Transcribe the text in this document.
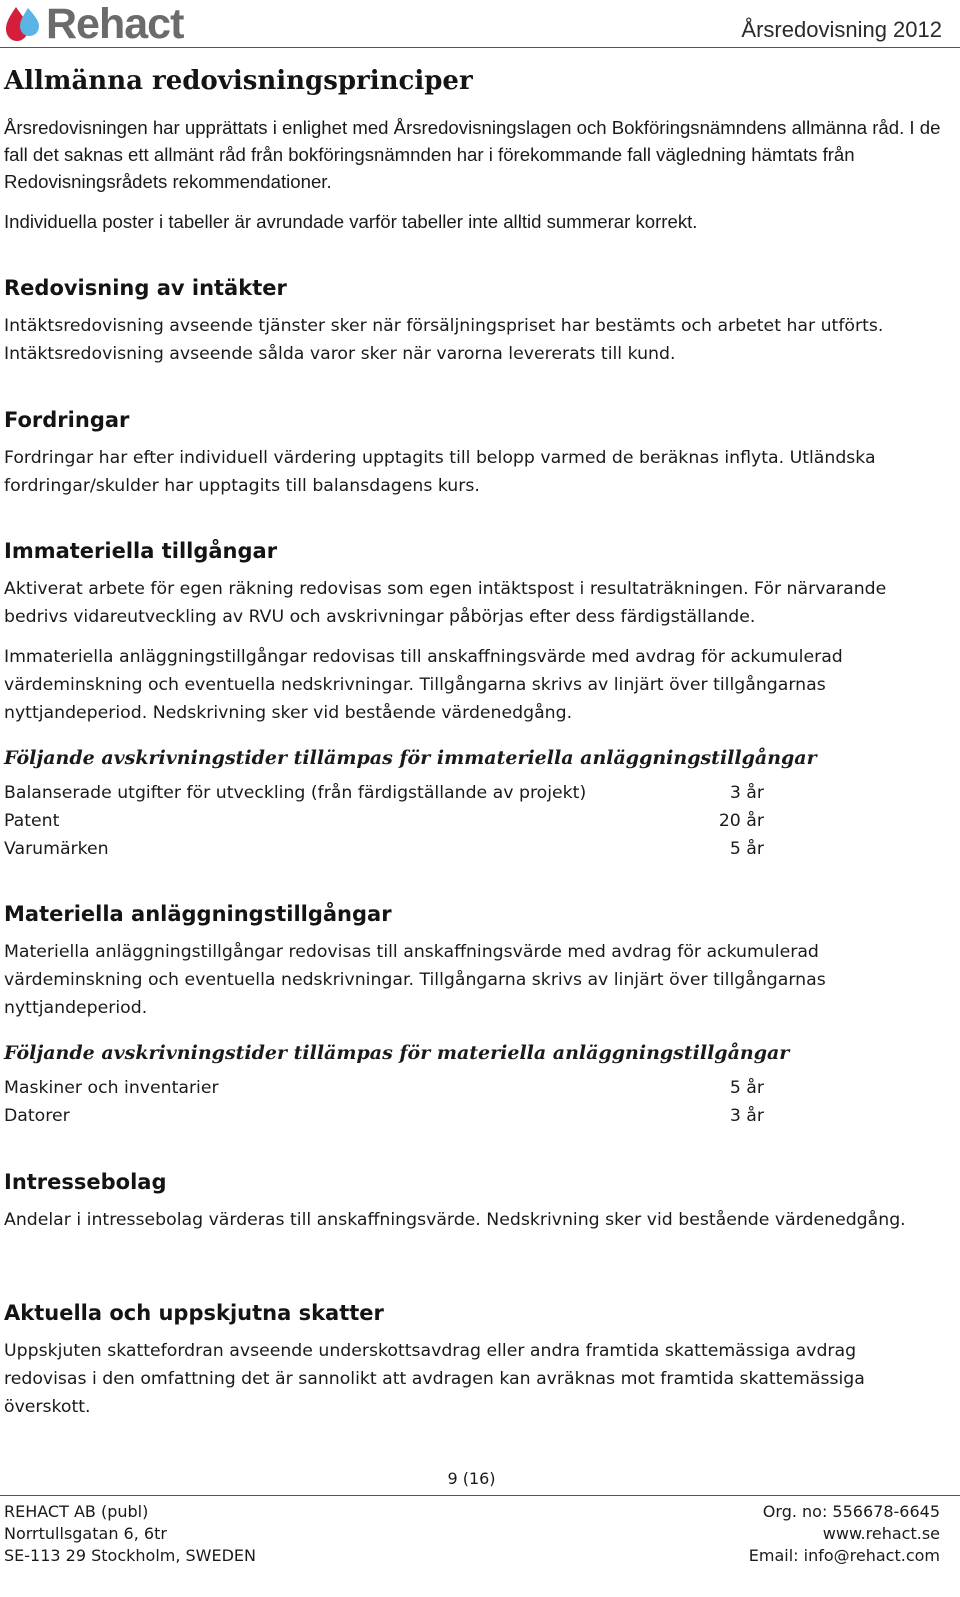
Rehact	Årsredovisning 2012
Allmänna redovisningsprinciper
Årsredovisningen har upprättats i enlighet med Årsredovisningslagen och Bokföringsnämndens allmänna råd. I de fall det saknas ett allmänt råd från bokföringsnämnden har i förekommande fall vägledning hämtats från Redovisningsrådets rekommendationer.
Individuella poster i tabeller är avrundade varför tabeller inte alltid summerar korrekt.
Redovisning av intäkter
Intäktsredovisning avseende tjänster sker när försäljningspriset har bestämts och arbetet har utförts. Intäktsredovisning avseende sålda varor sker när varorna levererats till kund.
Fordringar
Fordringar har efter individuell värdering upptagits till belopp varmed de beräknas inflyta. Utländska fordringar/skulder har upptagits till balansdagens kurs.
Immateriella tillgångar
Aktiverat arbete för egen räkning redovisas som egen intäktspost i resultaträkningen. För närvarande bedrivs vidareutveckling av RVU och avskrivningar påbörjas efter dess färdigställande.
Immateriella anläggningstillgångar redovisas till anskaffningsvärde med avdrag för ackumulerad värdeminskning och eventuella nedskrivningar. Tillgångarna skrivs av linjärt över tillgångarnas nyttjandeperiod. Nedskrivning sker vid bestående värdenedgång.
Följande avskrivningstider tillämpas för immateriella anläggningstillgångar
Balanserade utgifter för utveckling (från färdigställande av projekt)	3 år
Patent	20 år
Varumärken	5 år
Materiella anläggningstillgångar
Materiella anläggningstillgångar redovisas till anskaffningsvärde med avdrag för ackumulerad värdeminskning och eventuella nedskrivningar. Tillgångarna skrivs av linjärt över tillgångarnas nyttjandeperiod.
Följande avskrivningstider tillämpas för materiella anläggningstillgångar
Maskiner och inventarier	5 år
Datorer	3 år
Intressebolag
Andelar i intressebolag värderas till anskaffningsvärde. Nedskrivning sker vid bestående värdenedgång.
Aktuella och uppskjutna skatter
Uppskjuten skattefordran avseende underskottsavdrag eller andra framtida skattemässiga avdrag redovisas i den omfattning det är sannolikt att avdragen kan avräknas mot framtida skattemässiga överskott.
9 (16)
REHACT AB (publ)
Norrtullsgatan 6, 6tr
SE-113 29 Stockholm, SWEDEN
Org. no: 556678-6645
www.rehact.se
Email: info@rehact.com
